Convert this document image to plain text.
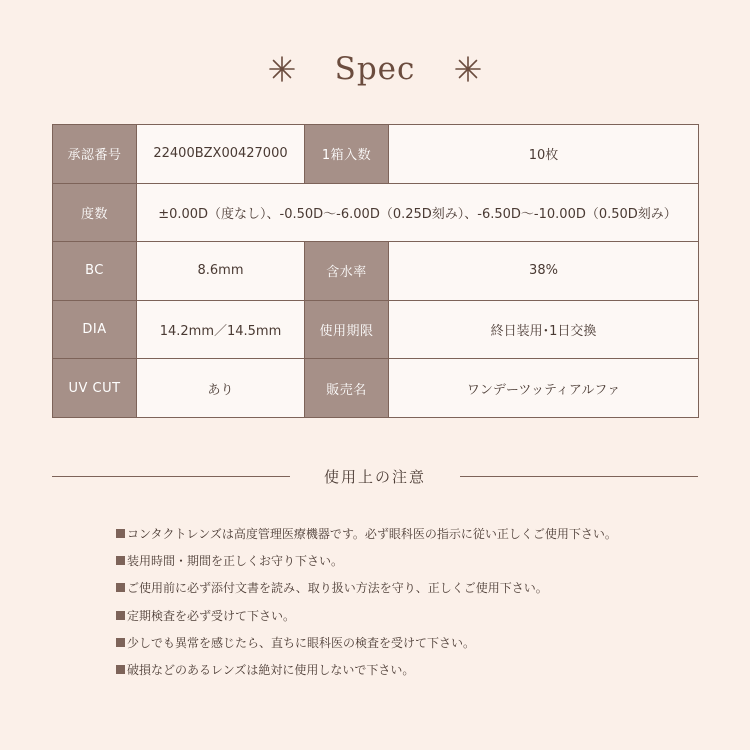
Spec
承認番号	22400BZX00427000	1箱入数	10枚
度数	±0.00D（度なし）、-0.50D〜-6.00D（0.25D刻み）、-6.50D〜-10.00D（0.50D刻み）		
BC	8.6mm	含水率	38%
DIA	14.2mm／14.5mm	使用期限	終日装用･1日交換
UV CUT	あり	販売名	ワンデーツッティアルファ
使用上の注意
コンタクトレンズは高度管理医療機器です。必ず眼科医の指示に従い正しくご使用下さい。
装用時間・期間を正しくお守り下さい。
ご使用前に必ず添付文書を読み、取り扱い方法を守り、正しくご使用下さい。
定期検査を必ず受けて下さい。
少しでも異常を感じたら、直ちに眼科医の検査を受けて下さい。
破損などのあるレンズは絶対に使用しないで下さい。
